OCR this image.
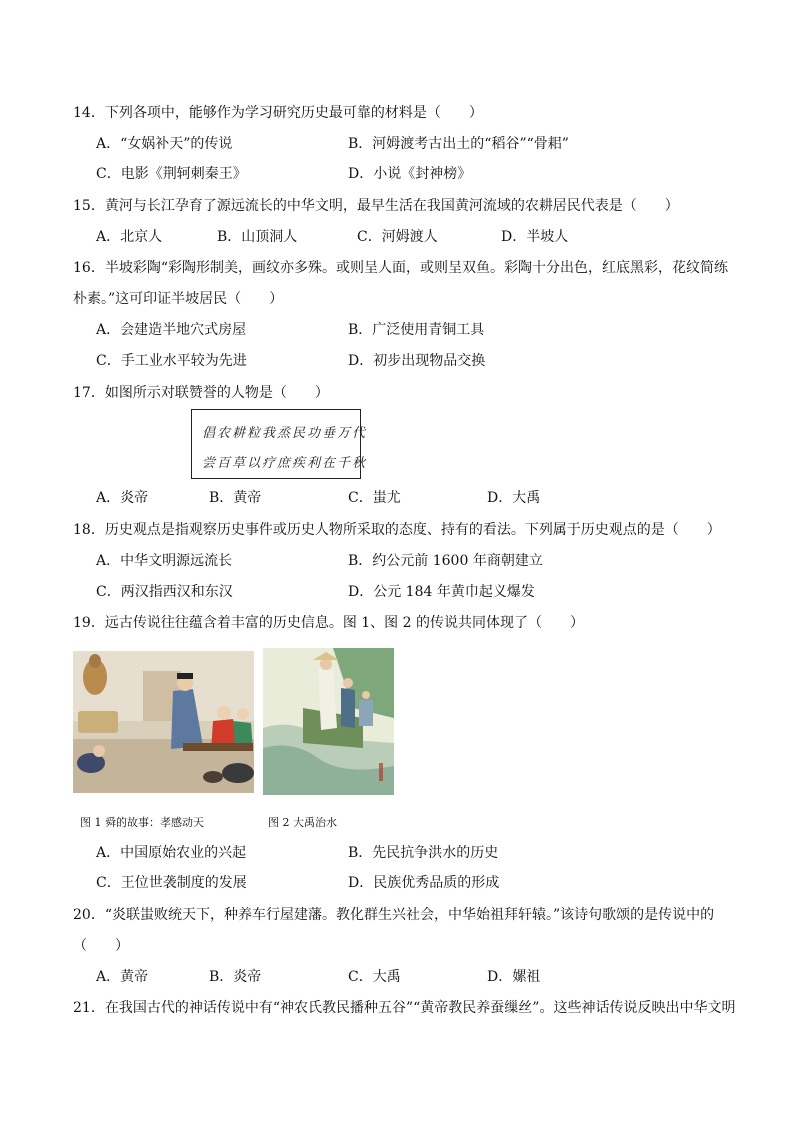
14．下列各项中，能够作为学习研究历史最可靠的材料是（　　）
A．“女娲补天”的传说	B．河姆渡考古出土的“稻谷”“骨耜”
C．电影《荆轲刺秦王》	D．小说《封神榜》
15．黄河与长江孕育了源远流长的中华文明，最早生活在我国黄河流域的农耕居民代表是（　　）
A．北京人	B．山顶洞人	C．河姆渡人	D．半坡人
16．半坡彩陶“彩陶形制美，画纹亦多殊。或则呈人面，或则呈双鱼。彩陶十分出色，红底黑彩，花纹简练
朴素。”这可印证半坡居民（　　）
A．会建造半地穴式房屋	B．广泛使用青铜工具
C．手工业水平较为先进	D．初步出现物品交换
17．如图所示对联赞誉的人物是（　　）
倡农耕粒我烝民功垂万代
尝百草以疗庶疾利在千秋
A．炎帝	B．黄帝	C．蚩尤	D．大禹
18．历史观点是指观察历史事件或历史人物所采取的态度、持有的看法。下列属于历史观点的是（　　）
A．中华文明源远流长	B．约公元前 1600 年商朝建立
C．两汉指西汉和东汉	D．公元 184 年黄巾起义爆发
19．远古传说往往蕴含着丰富的历史信息。图 1、图 2 的传说共同体现了（　　）
图 1 舜的故事：孝感动天	图 2 大禹治水
A．中国原始农业的兴起	B．先民抗争洪水的历史
C．王位世袭制度的发展	D．民族优秀品质的形成
20．“炎联蚩败统天下，种养车行屋建藩。教化群生兴社会，中华始祖拜轩辕。”该诗句歌颂的是传说中的
（　　）
A．黄帝	B．炎帝	C．大禹	D．嫘祖
21．在我国古代的神话传说中有“神农氏教民播种五谷”“黄帝教民养蚕缫丝”。这些神话传说反映出中华文明
